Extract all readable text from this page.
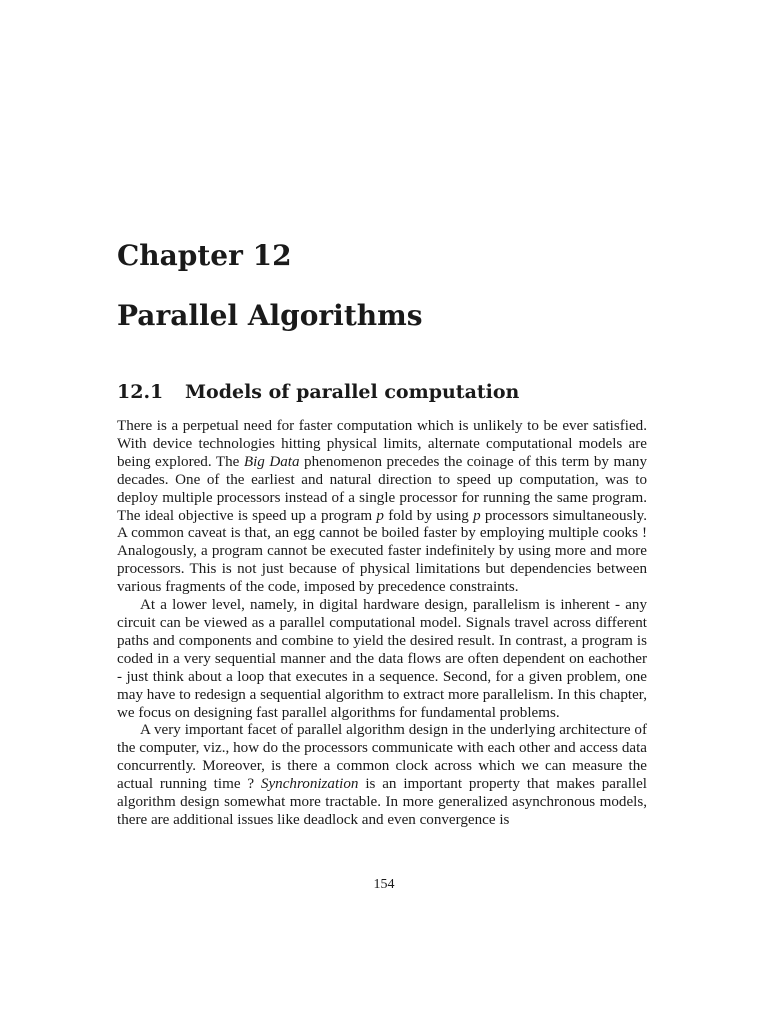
Chapter 12
Parallel Algorithms
12.1 Models of parallel computation

There is a perpetual need for faster computation which is unlikely to be ever satisfied. With device technologies hitting physical limits, alternate computational models are being explored. The Big Data phenomenon precedes the coinage of this term by many decades. One of the earliest and natural direction to speed up computation, was to deploy multiple processors instead of a single processor for running the same program. The ideal objective is speed up a program p fold by using p processors simultaneously. A common caveat is that, an egg cannot be boiled faster by employing multiple cooks ! Analogously, a program cannot be executed faster indefinitely by using more and more processors. This is not just because of physical limitations but dependencies between various fragments of the code, imposed by precedence constraints.

At a lower level, namely, in digital hardware design, parallelism is inherent - any circuit can be viewed as a parallel computational model. Signals travel across different paths and components and combine to yield the desired result. In contrast, a program is coded in a very sequential manner and the data flows are often dependent on eachother - just think about a loop that executes in a sequence. Second, for a given problem, one may have to redesign a sequential algorithm to extract more parallelism. In this chapter, we focus on designing fast parallel algorithms for fundamental problems.

A very important facet of parallel algorithm design in the underlying architecture of the computer, viz., how do the processors communicate with each other and access data concurrently. Moreover, is there a common clock across which we can measure the actual running time ? Synchronization is an important property that makes parallel algorithm design somewhat more tractable. In more generalized asynchronous models, there are additional issues like deadlock and even convergence is

154
